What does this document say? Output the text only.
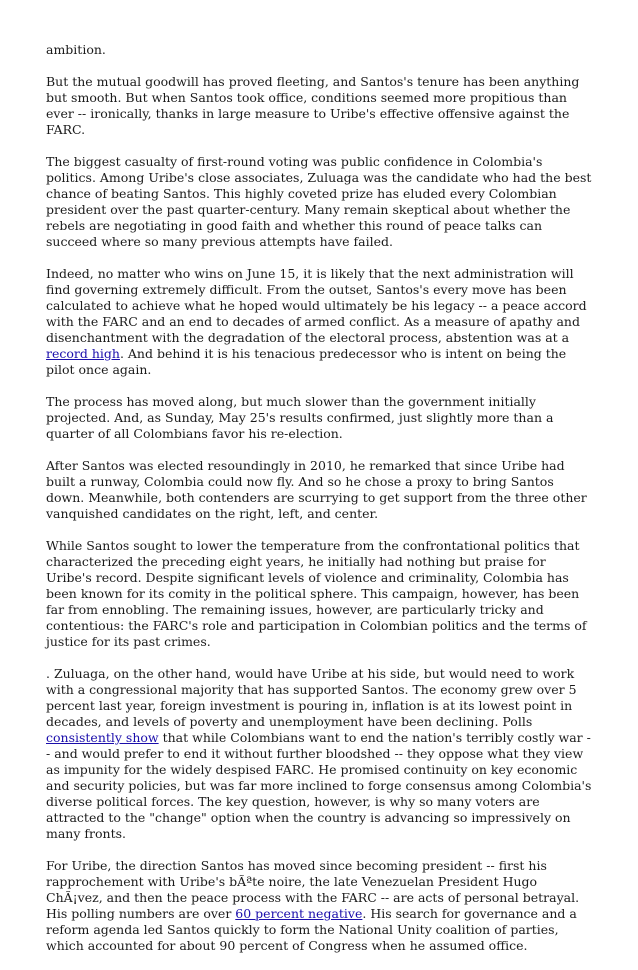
ambition.

But the mutual goodwill has proved fleeting, and Santos's tenure has been anything but smooth. But when Santos took office, conditions seemed more propitious than ever -- ironically, thanks in large measure to Uribe's effective offensive against the FARC.

The biggest casualty of first-round voting was public confidence in Colombia's politics. Among Uribe's close associates, Zuluaga was the candidate who had the best chance of beating Santos. This highly coveted prize has eluded every Colombian president over the past quarter-century. Many remain skeptical about whether the rebels are negotiating in good faith and whether this round of peace talks can succeed where so many previous attempts have failed.

Indeed, no matter who wins on June 15, it is likely that the next administration will find governing extremely difficult. From the outset, Santos's every move has been calculated to achieve what he hoped would ultimately be his legacy -- a peace accord with the FARC and an end to decades of armed conflict. As a measure of apathy and disenchantment with the degradation of the electoral process, abstention was at a record high. And behind it is his tenacious predecessor who is intent on being the pilot once again.

The process has moved along, but much slower than the government initially projected. And, as Sunday, May 25's results confirmed, just slightly more than a quarter of all Colombians favor his re-election.

After Santos was elected resoundingly in 2010, he remarked that since Uribe had built a runway, Colombia could now fly. And so he chose a proxy to bring Santos down. Meanwhile, both contenders are scurrying to get support from the three other vanquished candidates on the right, left, and center.

While Santos sought to lower the temperature from the confrontational politics that characterized the preceding eight years, he initially had nothing but praise for Uribe's record. Despite significant levels of violence and criminality, Colombia has been known for its comity in the political sphere. This campaign, however, has been far from ennobling. The remaining issues, however, are particularly tricky and contentious: the FARC's role and participation in Colombian politics and the terms of justice for its past crimes.

. Zuluaga, on the other hand, would have Uribe at his side, but would need to work with a congressional majority that has supported Santos. The economy grew over 5 percent last year, foreign investment is pouring in, inflation is at its lowest point in decades, and levels of poverty and unemployment have been declining. Polls consistently show that while Colombians want to end the nation's terribly costly war -- and would prefer to end it without further bloodshed -- they oppose what they view as impunity for the widely despised FARC. He promised continuity on key economic and security policies, but was far more inclined to forge consensus among Colombia's diverse political forces. The key question, however, is why so many voters are attracted to the "change" option when the country is advancing so impressively on many fronts.

For Uribe, the direction Santos has moved since becoming president -- first his rapprochement with Uribe's bÃªte noire, the late Venezuelan President Hugo ChÃ¡vez, and then the peace process with the FARC -- are acts of personal betrayal. His polling numbers are over 60 percent negative. His search for governance and a reform agenda led Santos quickly to form the National Unity coalition of parties, which accounted for about 90 percent of Congress when he assumed office.
